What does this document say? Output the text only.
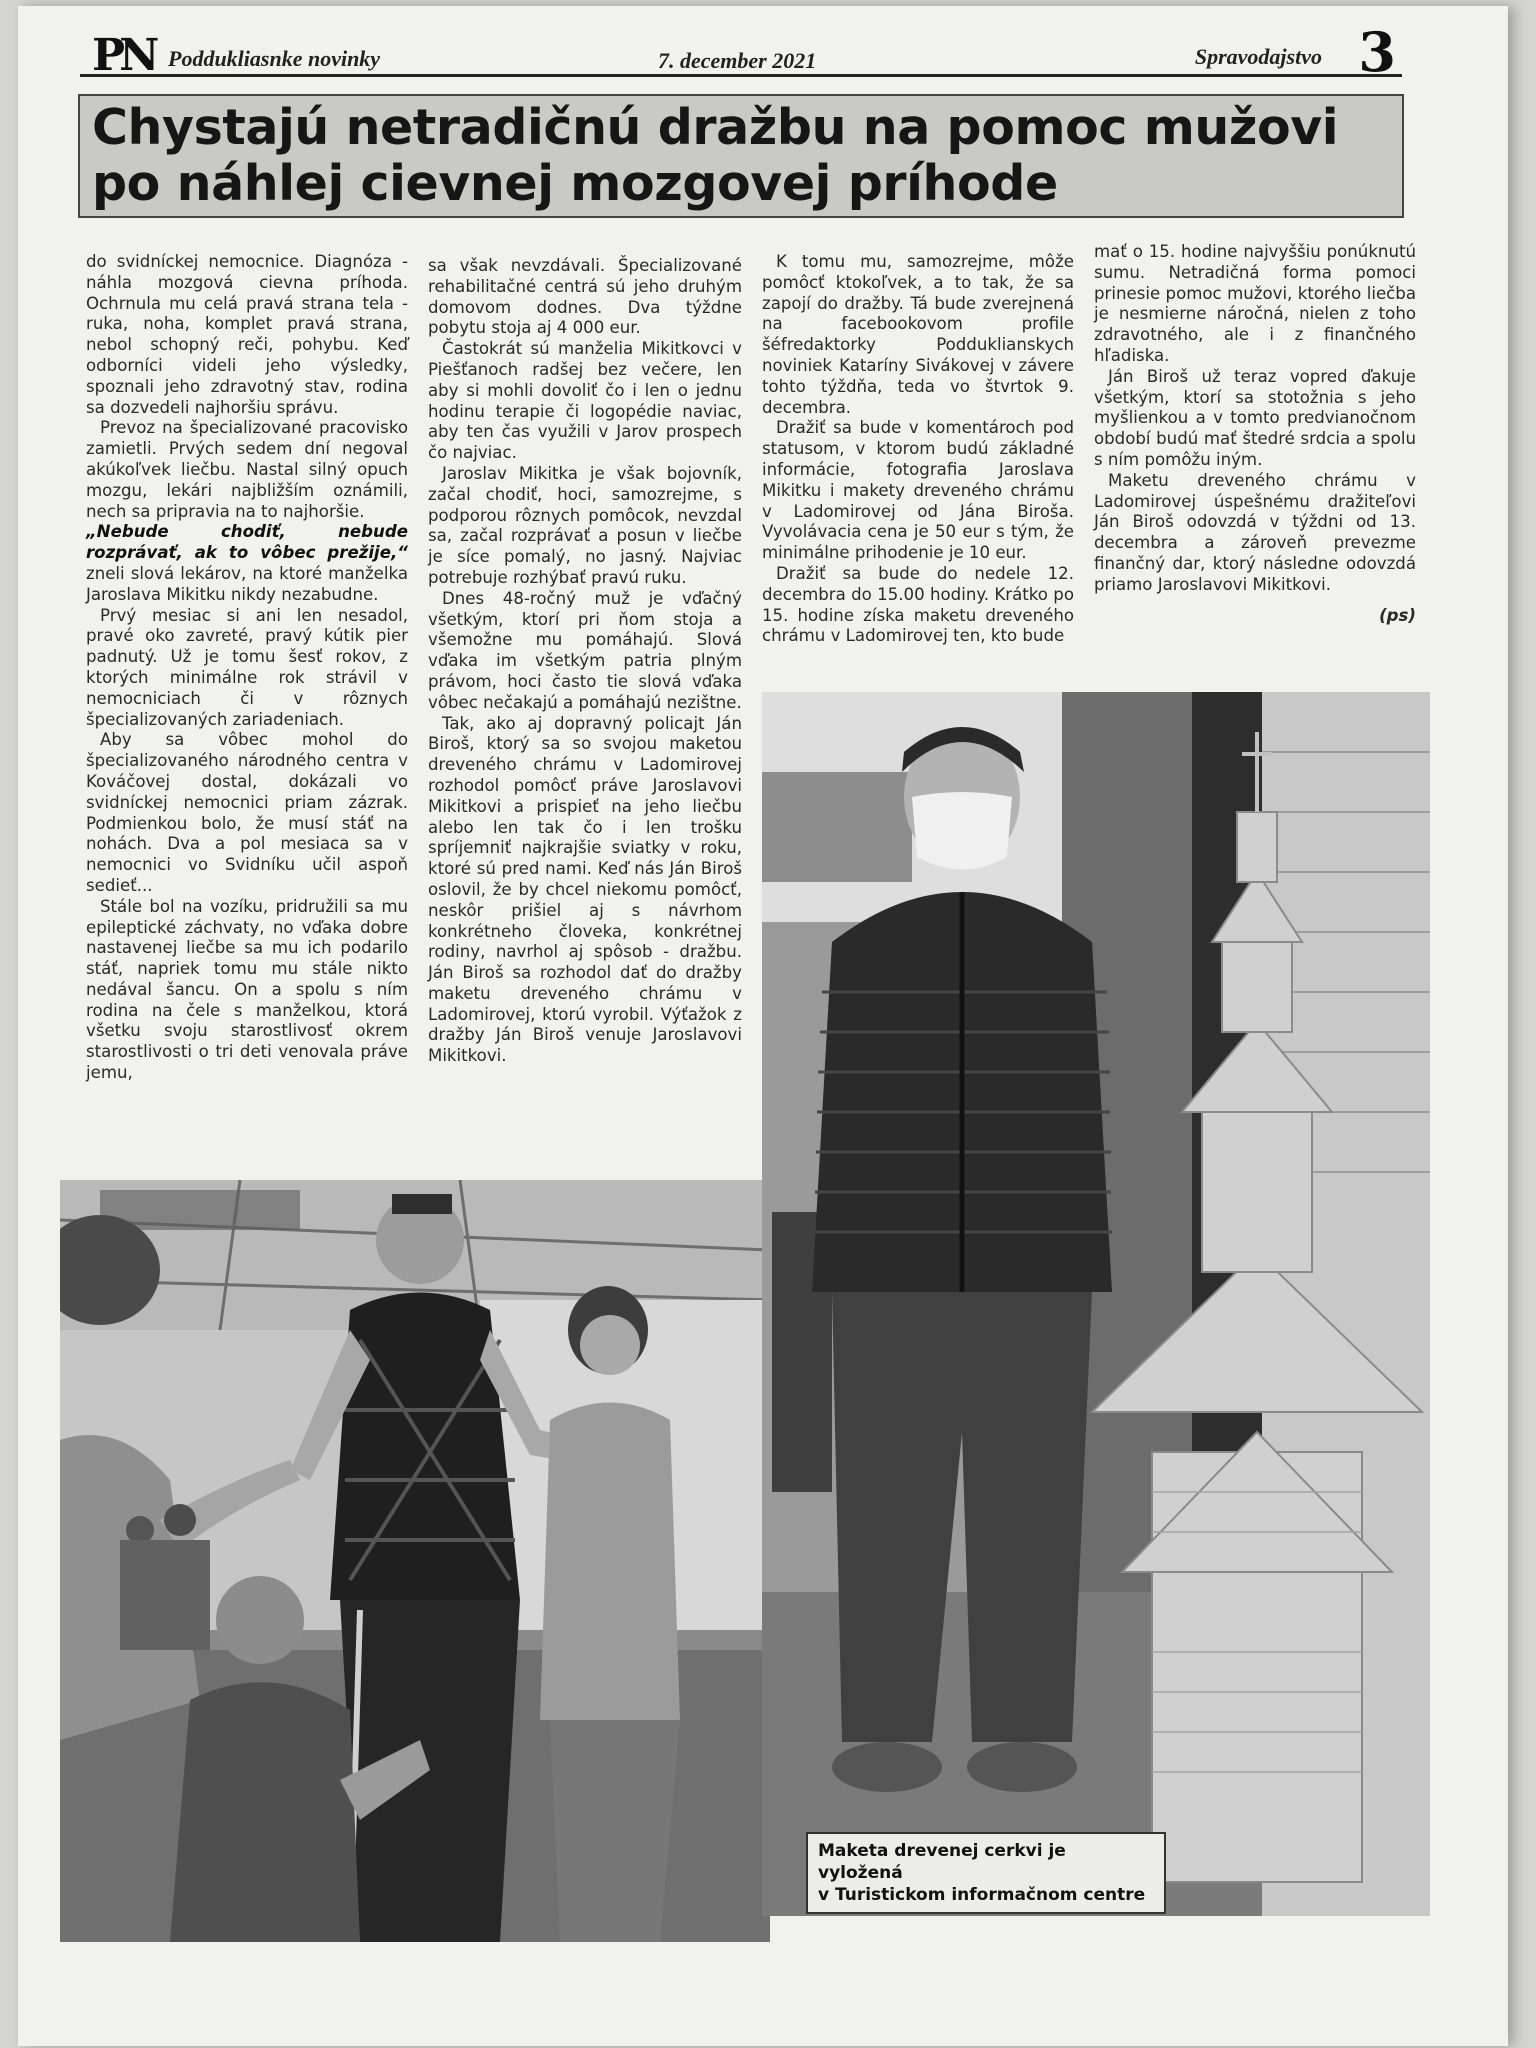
PN Poddukliasnke novinky	7. december 2021	Spravodajstvo 3
Chystajú netradičnú dražbu na pomoc mužovi
po náhlej cievnej mozgovej príhode

do svidníckej nemocnice. Diagnóza - náhla mozgová cievna príhoda. Ochrnula mu celá pravá strana tela - ruka, noha, komplet pravá strana, nebol schopný reči, pohybu. Keď odborníci videli jeho výsledky, spoznali jeho zdravotný stav, rodina sa dozvedeli najhoršiu správu.

Prevoz na špecializované pracovisko zamietli. Prvých sedem dní negoval akúkoľvek liečbu. Nastal silný opuch mozgu, lekári najbližším oznámili, nech sa pripravia na to najhoršie.

„Nebude chodiť, nebude rozprávať, ak to vôbec prežije,“ zneli slová lekárov, na ktoré manželka Jaroslava Mikitku nikdy nezabudne.

Prvý mesiac si ani len nesadol, pravé oko zavreté, pravý kútik pier padnutý. Už je tomu šesť rokov, z ktorých minimálne rok strávil v nemocniciach či v rôznych špecializovaných zariadeniach.

Aby sa vôbec mohol do špecializovaného národného centra v Kováčovej dostal, dokázali vo svidníckej nemocnici priam zázrak. Podmienkou bolo, že musí stáť na nohách. Dva a pol mesiaca sa v nemocnici vo Svidníku učil aspoň sedieť...

Stále bol na vozíku, pridružili sa mu epileptické záchvaty, no vďaka dobre nastavenej liečbe sa mu ich podarilo stáť, napriek tomu mu stále nikto nedával šancu. On a spolu s ním rodina na čele s manželkou, ktorá všetku svoju starostlivosť okrem starostlivosti o tri deti venovala práve jemu,

sa však nevzdávali. Špecializované rehabilitačné centrá sú jeho druhým domovom dodnes. Dva týždne pobytu stoja aj 4 000 eur.

Častokrát sú manželia Mikitkovci v Piešťanoch radšej bez večere, len aby si mohli dovoliť čo i len o jednu hodinu terapie či logopédie naviac, aby ten čas využili v Jarov prospech čo najviac.

Jaroslav Mikitka je však bojovník, začal chodiť, hoci, samozrejme, s podporou rôznych pomôcok, nevzdal sa, začal rozprávať a posun v liečbe je síce pomalý, no jasný. Najviac potrebuje rozhýbať pravú ruku.

Dnes 48-ročný muž je vďačný všetkým, ktorí pri ňom stoja a všemožne mu pomáhajú. Slová vďaka im všetkým patria plným právom, hoci často tie slová vďaka vôbec nečakajú a pomáhajú nezištne.

Tak, ako aj dopravný policajt Ján Biroš, ktorý sa so svojou maketou dreveného chrámu v Ladomirovej rozhodol pomôcť práve Jaroslavovi Mikitkovi a prispieť na jeho liečbu alebo len tak čo i len trošku spríjemniť najkrajšie sviatky v roku, ktoré sú pred nami. Keď nás Ján Biroš oslovil, že by chcel niekomu pomôcť, neskôr prišiel aj s návrhom konkrétneho človeka, konkrétnej rodiny, navrhol aj spôsob - dražbu. Ján Biroš sa rozhodol dať do dražby maketu dreveného chrámu v Ladomirovej, ktorú vyrobil. Výťažok z dražby Ján Biroš venuje Jaroslavovi Mikitkovi.

K tomu mu, samozrejme, môže pomôcť ktokoľvek, a to tak, že sa zapojí do dražby. Tá bude zverejnená na facebookovom profile šéfredaktorky Podduklianskych noviniek Kataríny Sivákovej v závere tohto týždňa, teda vo štvrtok 9. decembra.

Dražiť sa bude v komentároch pod statusom, v ktorom budú základné informácie, fotografia Jaroslava Mikitku i makety dreveného chrámu v Ladomirovej od Jána Biroša. Vyvolávacia cena je 50 eur s tým, že minimálne prihodenie je 10 eur.

Dražiť sa bude do nedele 12. decembra do 15.00 hodiny. Krátko po 15. hodine získa maketu dreveného chrámu v Ladomirovej ten, kto bude

mať o 15. hodine najvyššiu ponúknutú sumu. Netradičná forma pomoci prinesie pomoc mužovi, ktorého liečba je nesmierne náročná, nielen z toho zdravotného, ale i z finančného hľadiska.

Ján Biroš už teraz vopred ďakuje všetkým, ktorí sa stotožnia s jeho myšlienkou a v tomto predvianočnom období budú mať štedré srdcia a spolu s ním pomôžu iným.

Maketu dreveného chrámu v Ladomirovej úspešnému dražiteľovi Ján Biroš odovzdá v týždni od 13. decembra a zároveň prevezme finančný dar, ktorý následne odovzdá priamo Jaroslavovi Mikitkovi.

(ps)

Maketa drevenej cerkvi je vyložená
v Turistickom informačnom centre
